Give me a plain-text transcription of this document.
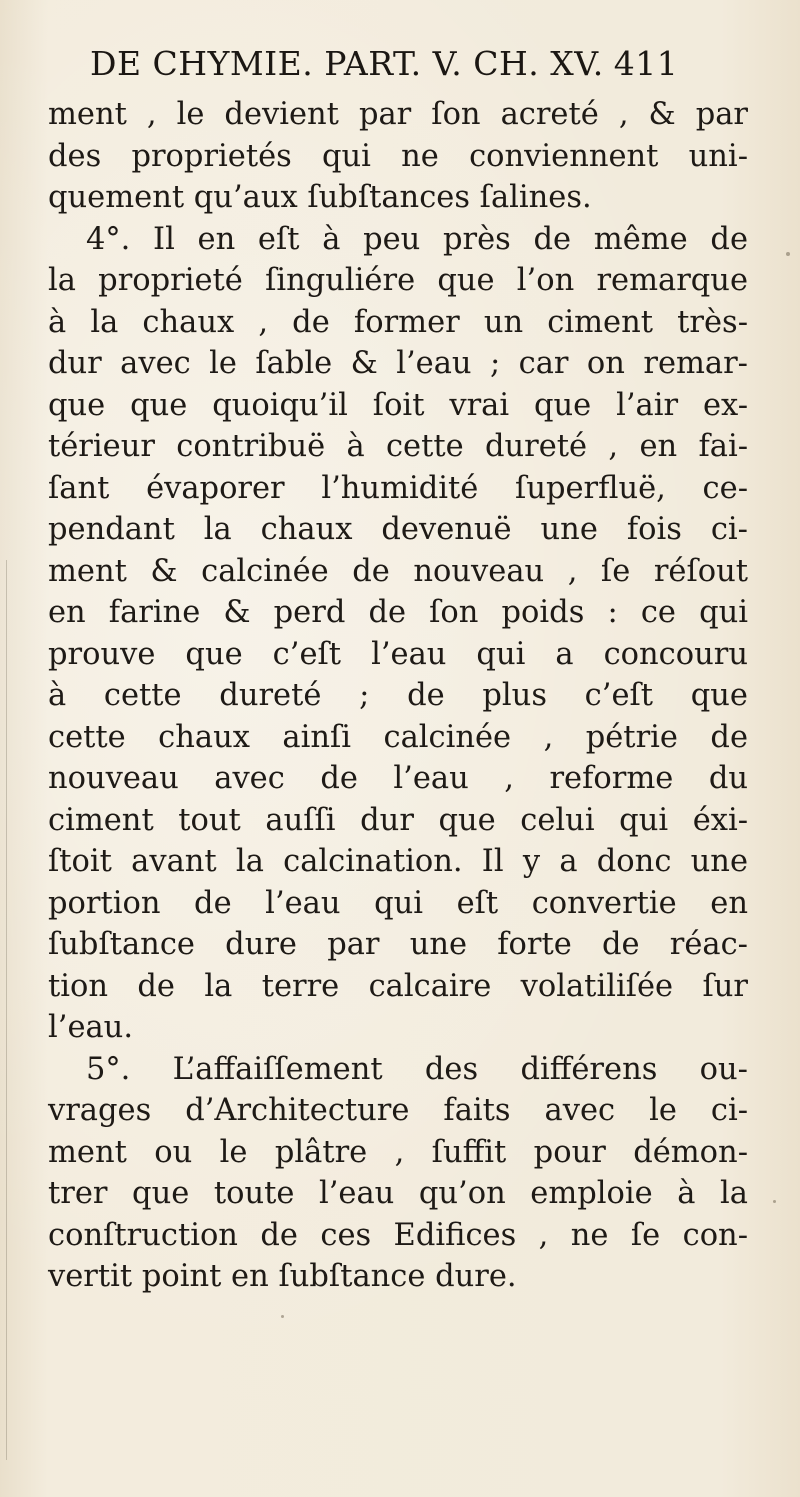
DE CHYMIE. PART. V. CH. XV. 411
ment , le devient par ſon acreté , & par
des proprietés qui ne conviennent uni-
quement qu’aux ſubſtances ſalines.
4°. Il en eſt à peu près de même de
la proprieté ſinguliére que l’on remarque
à la chaux , de former un ciment très-
dur avec le ſable & l’eau ; car on remar-
que que quoiqu’il ſoit vrai que l’air ex-
térieur contribuë à cette dureté , en fai-
ſant évaporer l’humidité ſuperfluë, ce-
pendant la chaux devenuë une fois ci-
ment & calcinée de nouveau , ſe réſout
en farine & perd de ſon poids : ce qui
prouve que c’eſt l’eau qui a concouru
à cette dureté ; de plus c’eſt que
cette chaux ainſi calcinée , pétrie de
nouveau avec de l’eau , reforme du
ciment tout auſſi dur que celui qui éxi-
ſtoit avant la calcination. Il y a donc une
portion de l’eau qui eſt convertie en
ſubſtance dure par une forte de réac-
tion de la terre calcaire volatiliſée ſur
l’eau.
5°. L’affaiſſement des différens ou-
vrages d’Architecture faits avec le ci-
ment ou le plâtre , ſuffit pour démon-
trer que toute l’eau qu’on emploie à la
conſtruction de ces Edifices , ne ſe con-
vertit point en ſubſtance dure.
